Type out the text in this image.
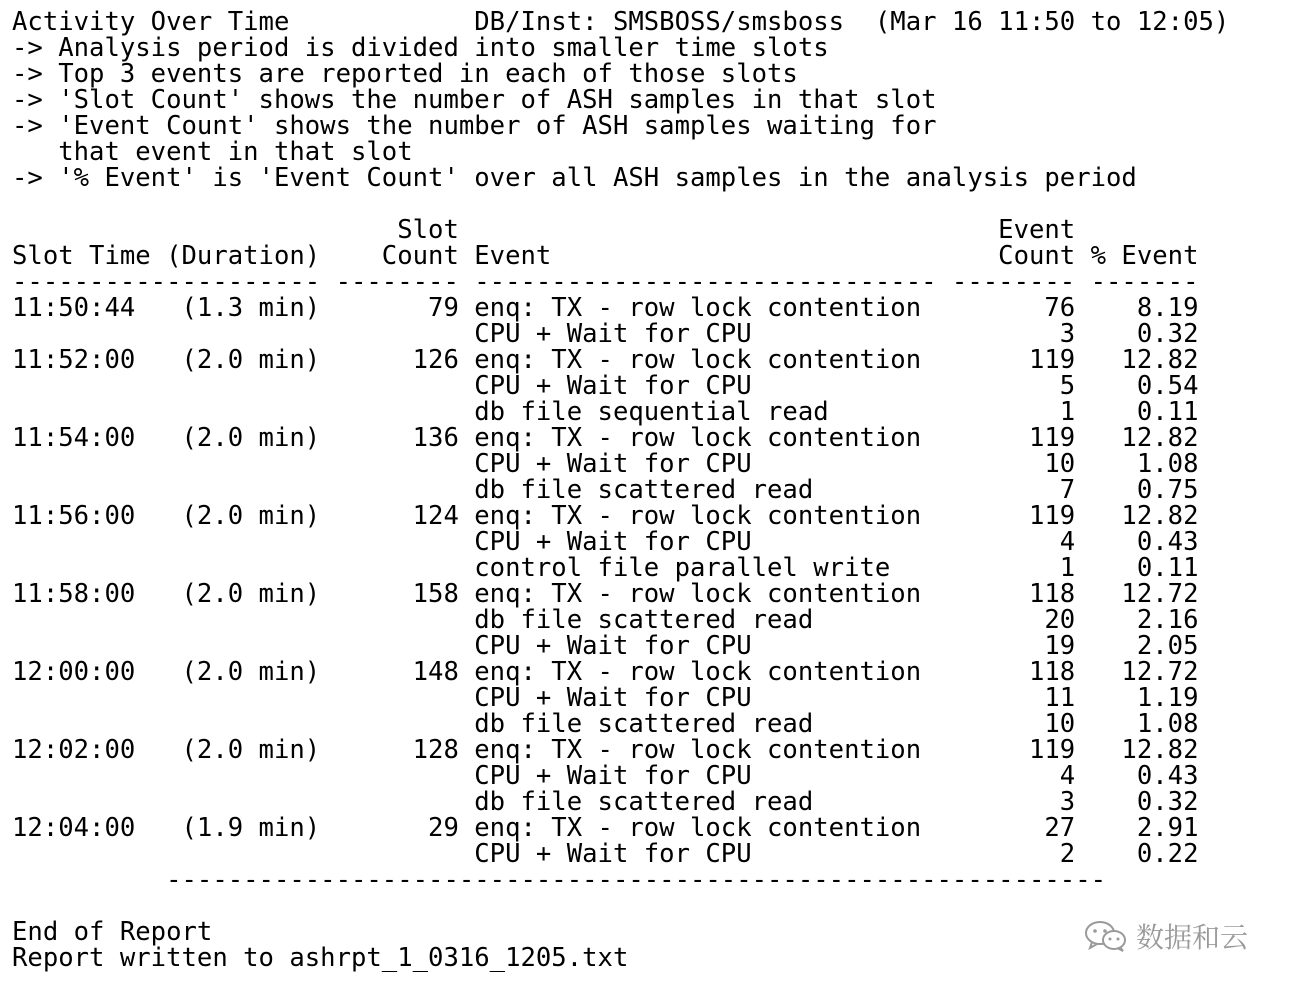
Activity Over Time            DB/Inst: SMSBOSS/smsboss  (Mar 16 11:50 to 12:05)
-> Analysis period is divided into smaller time slots
-> Top 3 events are reported in each of those slots
-> 'Slot Count' shows the number of ASH samples in that slot
-> 'Event Count' shows the number of ASH samples waiting for
that event in that slot
-> '% Event' is 'Event Count' over all ASH samples in the analysis period
Slot                                   Event
Slot Time (Duration)    Count Event                             Count % Event
-------------------- -------- ------------------------------ -------- -------
11:50:44   (1.3 min)       79 enq: TX - row lock contention        76    8.19
CPU + Wait for CPU                    3    0.32
11:52:00   (2.0 min)      126 enq: TX - row lock contention       119   12.82
CPU + Wait for CPU                    5    0.54
db file sequential read               1    0.11
11:54:00   (2.0 min)      136 enq: TX - row lock contention       119   12.82
CPU + Wait for CPU                   10    1.08
db file scattered read                7    0.75
11:56:00   (2.0 min)      124 enq: TX - row lock contention       119   12.82
CPU + Wait for CPU                    4    0.43
control file parallel write           1    0.11
11:58:00   (2.0 min)      158 enq: TX - row lock contention       118   12.72
db file scattered read               20    2.16
CPU + Wait for CPU                   19    2.05
12:00:00   (2.0 min)      148 enq: TX - row lock contention       118   12.72
CPU + Wait for CPU                   11    1.19
db file scattered read               10    1.08
12:02:00   (2.0 min)      128 enq: TX - row lock contention       119   12.82
CPU + Wait for CPU                    4    0.43
db file scattered read                3    0.32
12:04:00   (1.9 min)       29 enq: TX - row lock contention        27    2.91
CPU + Wait for CPU                    2    0.22
-------------------------------------------------------------
End of Report
Report written to ashrpt_1_0316_1205.txt
数据和云
